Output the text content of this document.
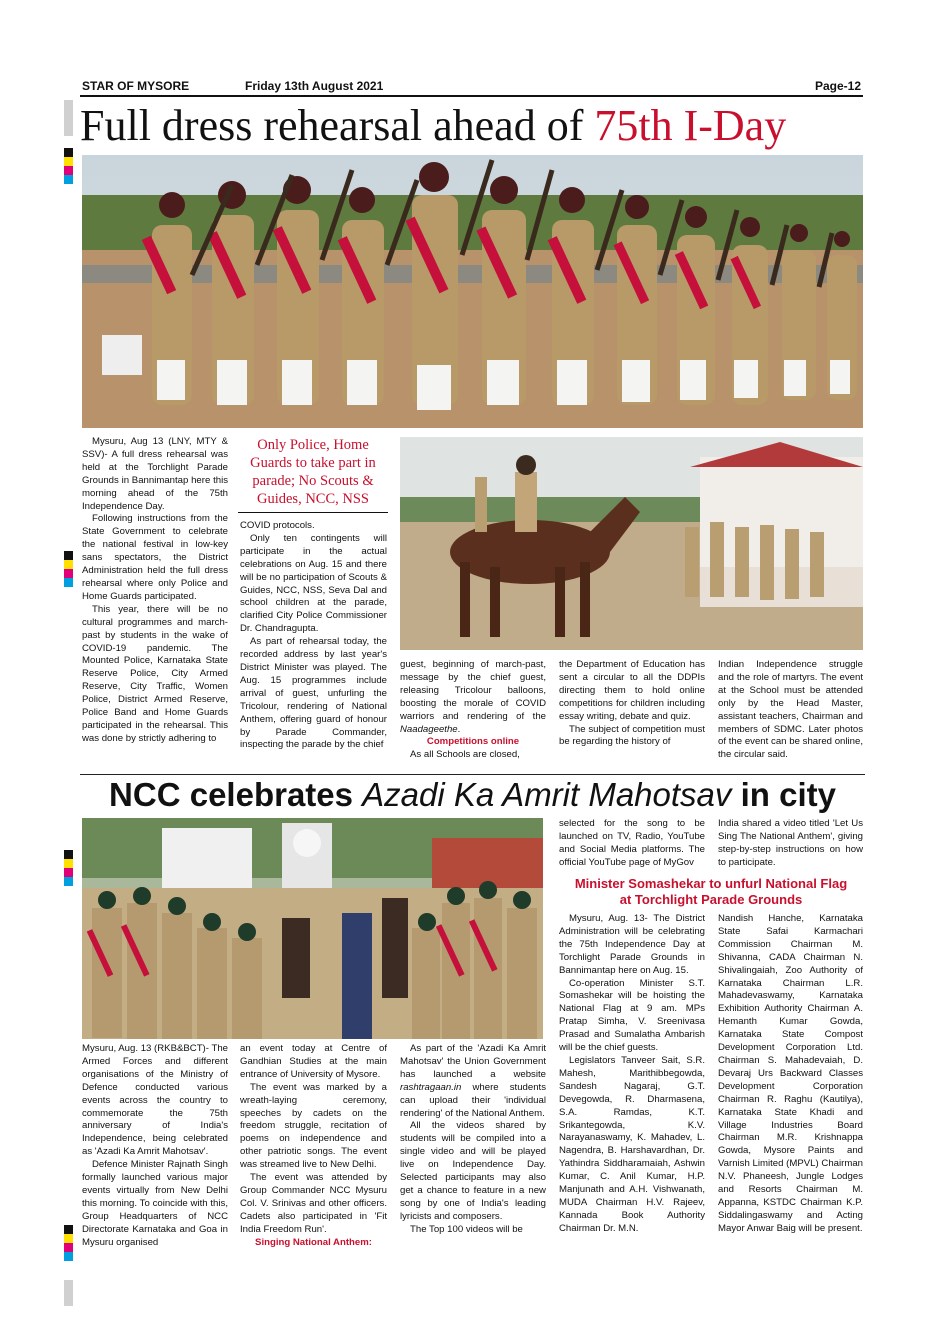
STAR OF MYSORE	Friday 13th August 2021	Page-12
Full dress rehearsal ahead of 75th I-Day

Mysuru, Aug 13 (LNY, MTY & SSV)- A full dress rehearsal was held at the Torchlight Parade Grounds in Bannimantap here this morning ahead of the 75th Independence Day.

Following instructions from the State Government to celebrate the national festival in low-key sans spectators, the District Administration held the full dress rehearsal where only Police and Home Guards participated.

This year, there will be no cultural programmes and march-past by students in the wake of COVID-19 pandemic. The Mounted Police, Karnataka State Reserve Police, City Armed Reserve, City Traffic, Women Police, District Armed Reserve, Police Band and Home Guards participated in the rehearsal. This was done by strictly adhering to

Only Police, Home Guards to take part in parade; No Scouts & Guides, NCC, NSS

COVID protocols.

Only ten contingents will participate in the actual celebrations on Aug. 15 and there will be no participation of Scouts & Guides, NCC, NSS, Seva Dal and school children at the parade, clarified City Police Commissioner Dr. Chandragupta.

As part of rehearsal today, the recorded address by last year's District Minister was played. The Aug. 15 programmes include arrival of guest, unfurling the Tricolour, rendering of National Anthem, offering guard of honour by Parade Commander, inspecting the parade by the chief

guest, beginning of march-past, message by the chief guest, releasing Tricolour balloons, boosting the morale of COVID warriors and rendering of the Naadageethe.

Competitions online

As all Schools are closed,

the Department of Education has sent a circular to all the DDPIs directing them to hold online competitions for children including essay writing, debate and quiz.

The subject of competition must be regarding the history of

Indian Independence struggle and the role of martyrs. The event at the School must be attended only by the Head Master, assistant teachers, Chairman and members of SDMC. Later photos of the event can be shared online, the circular said.

NCC celebrates Azadi Ka Amrit Mahotsav in city

Mysuru, Aug. 13 (RKB&BCT)- The Armed Forces and different organisations of the Ministry of Defence conducted various events across the country to commemorate the 75th anniversary of India's Independence, being celebrated as 'Azadi Ka Amrit Mahotsav'.

Defence Minister Rajnath Singh formally launched various major events virtually from New Delhi this morning. To coincide with this, Group Headquarters of NCC Directorate Karnataka and Goa in Mysuru organised

an event today at Centre of Gandhian Studies at the main entrance of University of Mysore.

The event was marked by a wreath-laying ceremony, speeches by cadets on the freedom struggle, recitation of poems on independence and other patriotic songs. The event was streamed live to New Delhi.

The event was attended by Group Commander NCC Mysuru Col. V. Srinivas and other officers. Cadets also participated in 'Fit India Freedom Run'.

Singing National Anthem:

As part of the 'Azadi Ka Amrit Mahotsav' the Union Government has launched a website rashtragaan.in where students can upload their 'individual rendering' of the National Anthem.

All the videos shared by students will be compiled into a single video and will be played live on Independence Day. Selected participants may also get a chance to feature in a new song by one of India's leading lyricists and composers.

The Top 100 videos will be

selected for the song to be launched on TV, Radio, YouTube and Social Media platforms. The official YouTube page of MyGov

India shared a video titled 'Let Us Sing The National Anthem', giving step-by-step instructions on how to participate.

Minister Somashekar to unfurl National Flag
at Torchlight Parade Grounds

Mysuru, Aug. 13- The District Administration will be celebrating the 75th Independence Day at Torchlight Parade Grounds in Bannimantap here on Aug. 15.

Co-operation Minister S.T. Somashekar will be hoisting the National Flag at 9 am. MPs Pratap Simha, V. Sreenivasa Prasad and Sumalatha Ambarish will be the chief guests.

Legislators Tanveer Sait, S.R. Mahesh, Marithibbegowda, Sandesh Nagaraj, G.T. Devegowda, R. Dharmasena, S.A. Ramdas, K.T. Srikantegowda, K.V. Narayanaswamy, K. Mahadev, L. Nagendra, B. Harshavardhan, Dr. Yathindra Siddharamaiah, Ashwin Kumar, C. Anil Kumar, H.P. Manjunath and A.H. Vishwanath, MUDA Chairman H.V. Rajeev, Kannada Book Authority Chairman Dr. M.N.

Nandish Hanche, Karnataka State Safai Karmachari Commission Chairman M. Shivanna, CADA Chairman N. Shivalingaiah, Zoo Authority of Karnataka Chairman L.R. Mahadevaswamy, Karnataka Exhibition Authority Chairman A. Hemanth Kumar Gowda, Karnataka State Compost Development Corporation Ltd. Chairman S. Mahadevaiah, D. Devaraj Urs Backward Classes Development Corporation Chairman R. Raghu (Kautilya), Karnataka State Khadi and Village Industries Board Chairman M.R. Krishnappa Gowda, Mysore Paints and Varnish Limited (MPVL) Chairman N.V. Phaneesh, Jungle Lodges and Resorts Chairman M. Appanna, KSTDC Chairman K.P. Siddalingaswamy and Acting Mayor Anwar Baig will be present.
